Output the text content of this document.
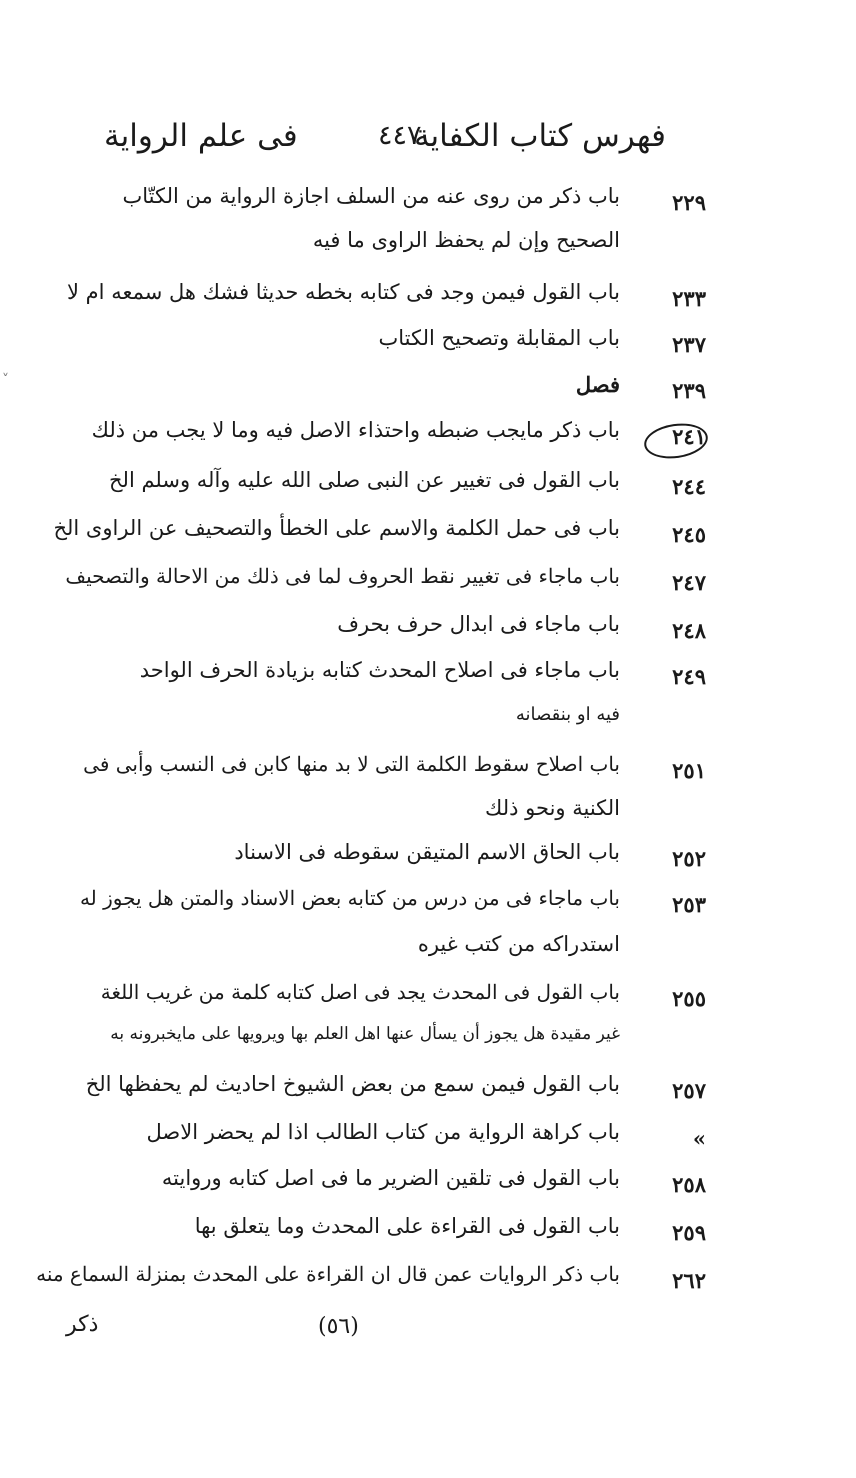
فهرس كتاب الكفاية
٤٤٧
فى علم الرواية
˅
٢٢٩
باب ذكر من روى عنه من السلف اجازة الرواية من الكتّاب
الصحيح وإن لم يحفظ الراوى ما فيه
٢٣٣
باب القول فيمن وجد فى كتابه بخطه حديثا فشك هل سمعه ام لا
٢٣٧
باب المقابلة وتصحيح الكتاب
٢٣٩
فصل
٢٤١
باب ذكر مايجب ضبطه واحتذاء الاصل فيه وما لا يجب من ذلك
٢٤٤
باب القول فى تغيير عن النبى صلى الله عليه وآله وسلم الخ
٢٤٥
باب فى حمل الكلمة والاسم على الخطأ والتصحيف عن الراوى الخ
٢٤٧
باب ماجاء فى تغيير نقط الحروف لما فى ذلك من الاحالة والتصحيف
٢٤٨
باب ماجاء فى ابدال حرف بحرف
٢٤٩
باب ماجاء فى اصلاح المحدث كتابه بزيادة الحرف الواحد
فيه او بنقصانه
٢٥١
باب اصلاح سقوط الكلمة التى لا بد منها كابن فى النسب وأبى فى
الكنية ونحو ذلك
٢٥٢
باب الحاق الاسم المتيقن سقوطه فى الاسناد
٢٥٣
باب ماجاء فى من درس من كتابه بعض الاسناد والمتن هل يجوز له
استدراكه من كتب غيره
٢٥٥
باب القول فى المحدث يجد فى اصل كتابه كلمة من غريب اللغة
غير مقيدة هل يجوز أن يسأل عنها اهل العلم بها ويرويها على مايخبرونه به
٢٥٧
باب القول فيمن سمع من بعض الشيوخ احاديث لم يحفظها الخ
»
باب كراهة الرواية من كتاب الطالب اذا لم يحضر الاصل
٢٥٨
باب القول فى تلقين الضرير ما فى اصل كتابه وروايته
٢٥٩
باب القول فى القراءة على المحدث وما يتعلق بها
٢٦٢
باب ذكر الروايات عمن قال ان القراءة على المحدث بمنزلة السماع منه
(٥٦)
ذكر
